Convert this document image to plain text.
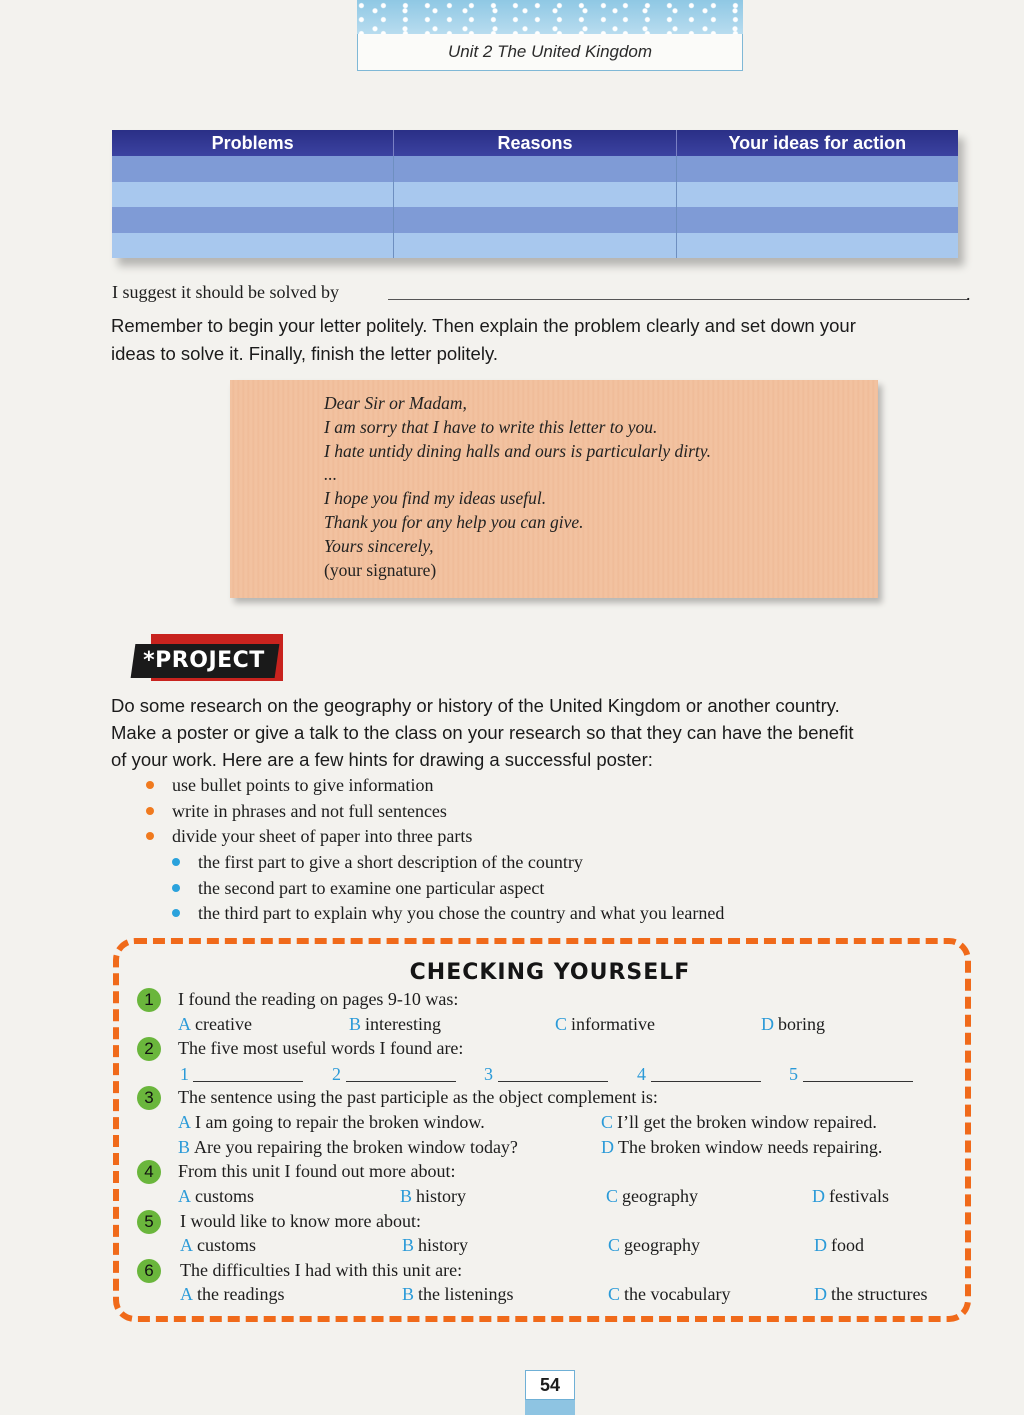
Unit 2 The United Kingdom
Problems	Reasons	Your ideas for action
I suggest it should be solved by	.
Remember to begin your letter politely. Then explain the problem clearly and set down your
ideas to solve it. Finally, finish the letter politely.
Dear Sir or Madam,
I am sorry that I have to write this letter to you.
I hate untidy dining halls and ours is particularly dirty.
...
I hope you find my ideas useful.
Thank you for any help you can give.
Yours sincerely,
(your signature)
*PROJECT
Do some research on the geography or history of the United Kingdom or another country.
Make a poster or give a talk to the class on your research so that they can have the benefit
of your work. Here are a few hints for drawing a successful poster:
use bullet points to give information
write in phrases and not full sentences
divide your sheet of paper into three parts
the first part to give a short description of the country
the second part to examine one particular aspect
the third part to explain why you chose the country and what you learned
CHECKING YOURSELF
1	I found the reading on pages 9-10 was:
A creative	B interesting	C informative	D boring
2	The five most useful words I found are:
1	2	3	4	5
3	The sentence using the past participle as the object complement is:
A I am going to repair the broken window.	C I’ll get the broken window repaired.
B Are you repairing the broken window today?	D The broken window needs repairing.
4	From this unit I found out more about:
A customs	B history	C geography	D festivals
5	I would like to know more about:
A customs	B history	C geography	D food
6	The difficulties I had with this unit are:
A the readings	B the listenings	C the vocabulary	D the structures
54
